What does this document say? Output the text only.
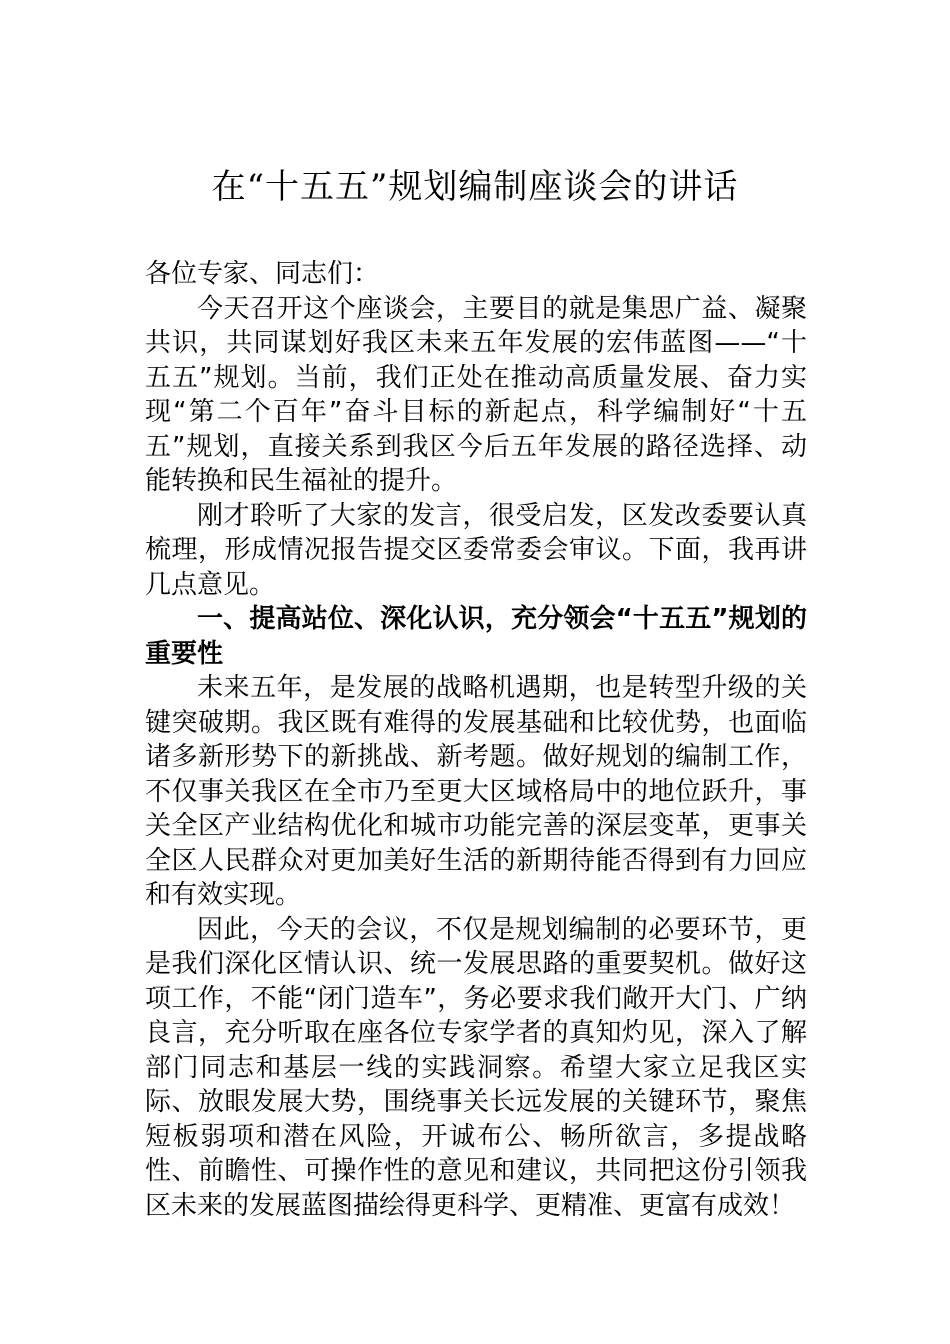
在“十五五”规划编制座谈会的讲话

各位专家、同志们：

今天召开这个座谈会，主要目的就是集思广益、凝聚共识，共同谋划好我区未来五年发展的宏伟蓝图——“十五五”规划。当前，我们正处在推动高质量发展、奋力实现“第二个百年”奋斗目标的新起点，科学编制好“十五五”规划，直接关系到我区今后五年发展的路径选择、动能转换和民生福祉的提升。

刚才聆听了大家的发言，很受启发，区发改委要认真梳理，形成情况报告提交区委常委会审议。下面，我再讲几点意见。

一、提高站位、深化认识，充分领会“十五五”规划的重要性

未来五年，是发展的战略机遇期，也是转型升级的关键突破期。我区既有难得的发展基础和比较优势，也面临诸多新形势下的新挑战、新考题。做好规划的编制工作，不仅事关我区在全市乃至更大区域格局中的地位跃升，事关全区产业结构优化和城市功能完善的深层变革，更事关全区人民群众对更加美好生活的新期待能否得到有力回应和有效实现。

因此，今天的会议，不仅是规划编制的必要环节，更是我们深化区情认识、统一发展思路的重要契机。做好这项工作，不能“闭门造车”，务必要求我们敞开大门、广纳良言，充分听取在座各位专家学者的真知灼见，深入了解部门同志和基层一线的实践洞察。希望大家立足我区实际、放眼发展大势，围绕事关长远发展的关键环节，聚焦短板弱项和潜在风险，开诚布公、畅所欲言，多提战略性、前瞻性、可操作性的意见和建议，共同把这份引领我区未来的发展蓝图描绘得更科学、更精准、更富有成效！
